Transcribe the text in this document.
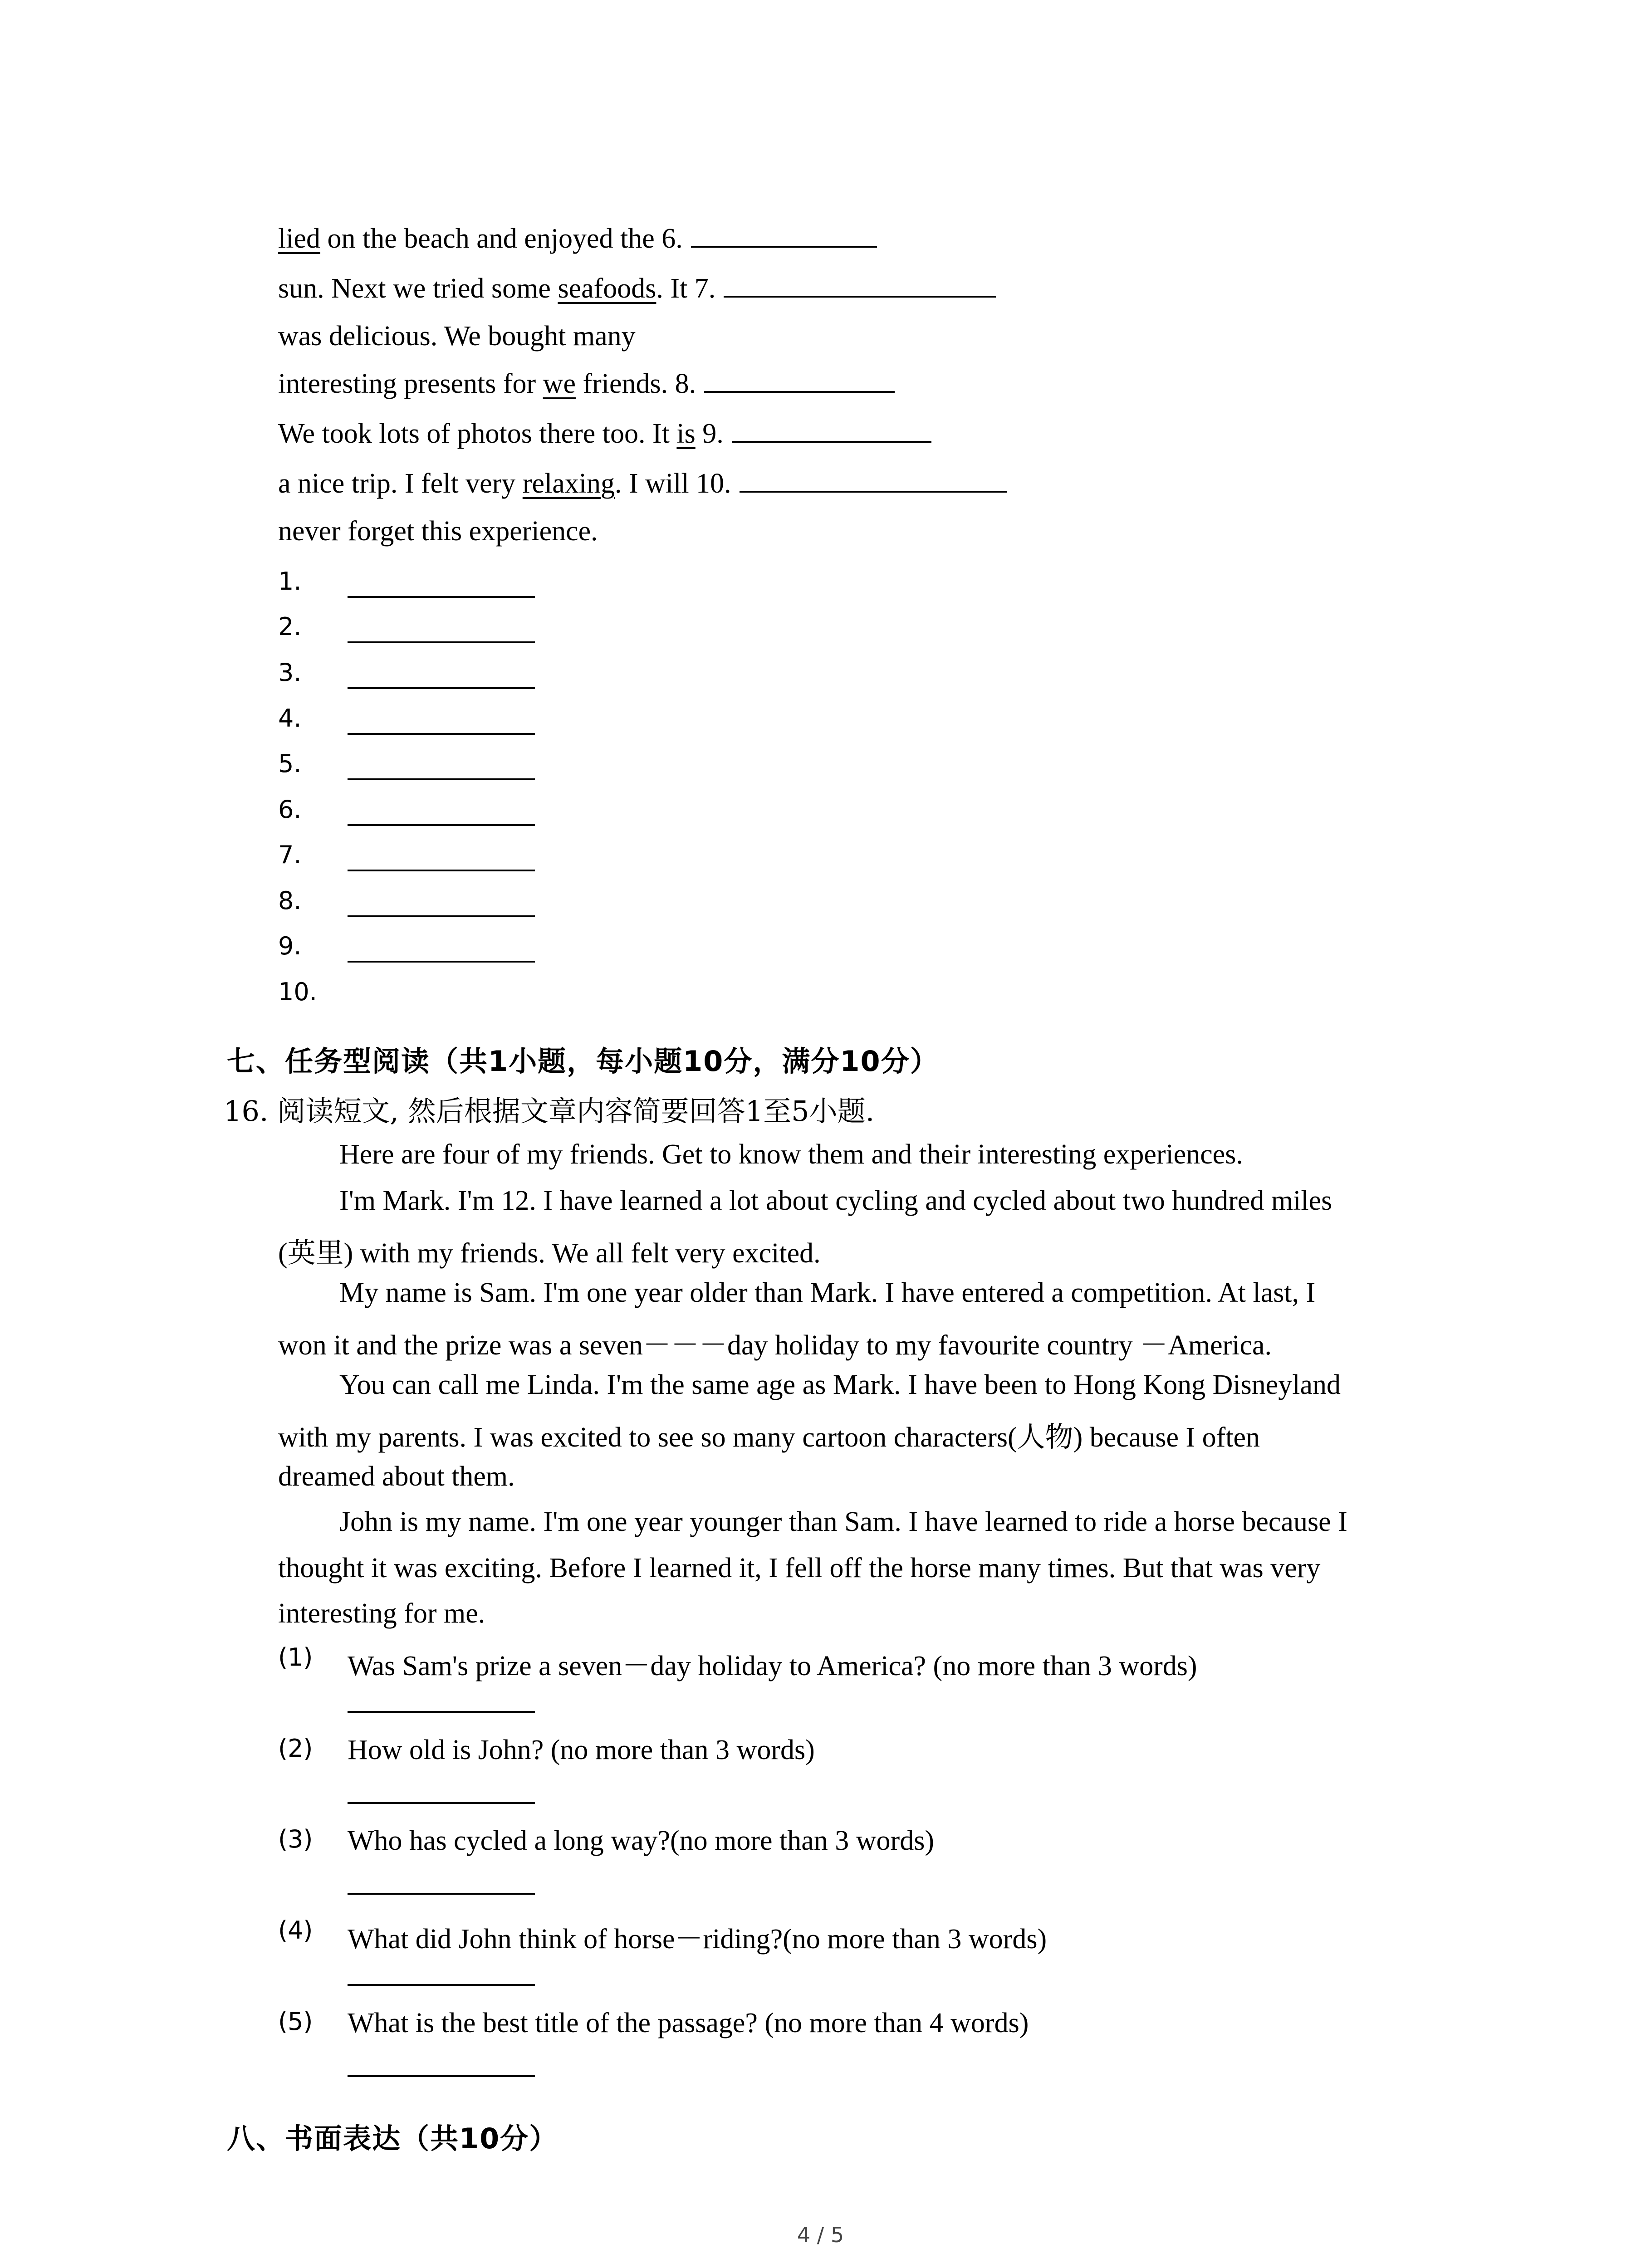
lied on the beach and enjoyed the 6.
sun. Next we tried some seafoods. It 7.
was delicious. We bought many
interesting presents for we friends. 8.
We took lots of photos there too. It is 9.
a nice trip. I felt very relaxing. I will 10.
never forget this experience.
1.
2.
3.
4.
5.
6.
7.
8.
9.
10.
七、任务型阅读（共1小题，每小题10分，满分10分）
16. 阅读短文, 然后根据文章内容简要回答1至5小题.
Here are four of my friends. Get to know them and their interesting experiences.
I'm Mark. I'm 12. I have learned a lot about cycling and cycled about two hundred miles
(英里) with my friends. We all felt very excited.
My name is Sam. I'm one year older than Mark. I have entered a competition. At last, I
won it and the prize was a seven－－－day holiday to my favourite country －America.
You can call me Linda. I'm the same age as Mark. I have been to Hong Kong Disneyland
with my parents. I was excited to see so many cartoon characters(人物) because I often
dreamed about them.
John is my name. I'm one year younger than Sam. I have learned to ride a horse because I
thought it was exciting. Before I learned it, I fell off the horse many times. But that was very
interesting for me.
(1) Was Sam's prize a seven－day holiday to America? (no more than 3 words)
(2) How old is John? (no more than 3 words)
(3) Who has cycled a long way?(no more than 3 words)
(4) What did John think of horse－riding?(no more than 3 words)
(5) What is the best title of the passage? (no more than 4 words)
八、书面表达（共10分）
4 / 5
